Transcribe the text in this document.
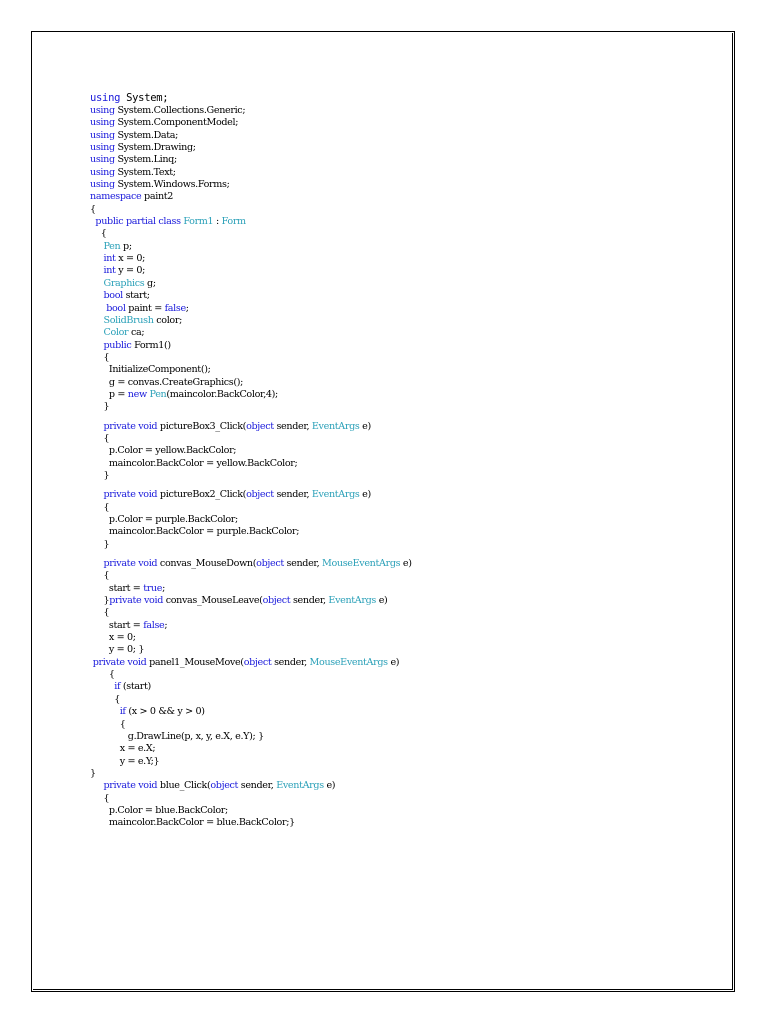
using System;
using System.Collections.Generic;
using System.ComponentModel;
using System.Data;
using System.Drawing;
using System.Linq;
using System.Text;
using System.Windows.Forms;
namespace paint2
{
public partial class Form1 : Form
{
Pen p;
int x = 0;
int y = 0;
Graphics g;
bool start;
bool paint = false;
SolidBrush color;
Color ca;
public Form1()
{
InitializeComponent();
g = convas.CreateGraphics();
p = new Pen(maincolor.BackColor,4);
}
private void pictureBox3_Click(object sender, EventArgs e)
{
p.Color = yellow.BackColor;
maincolor.BackColor = yellow.BackColor;
}
private void pictureBox2_Click(object sender, EventArgs e)
{
p.Color = purple.BackColor;
maincolor.BackColor = purple.BackColor;
}
private void convas_MouseDown(object sender, MouseEventArgs e)
{
start = true;
}private void convas_MouseLeave(object sender, EventArgs e)
{
start = false;
x = 0;
y = 0; }
private void panel1_MouseMove(object sender, MouseEventArgs e)
{
if (start)
{
if (x > 0 && y > 0)
{
g.DrawLine(p, x, y, e.X, e.Y); }
x = e.X;
y = e.Y;}
}
private void blue_Click(object sender, EventArgs e)
{
p.Color = blue.BackColor;
maincolor.BackColor = blue.BackColor;}
